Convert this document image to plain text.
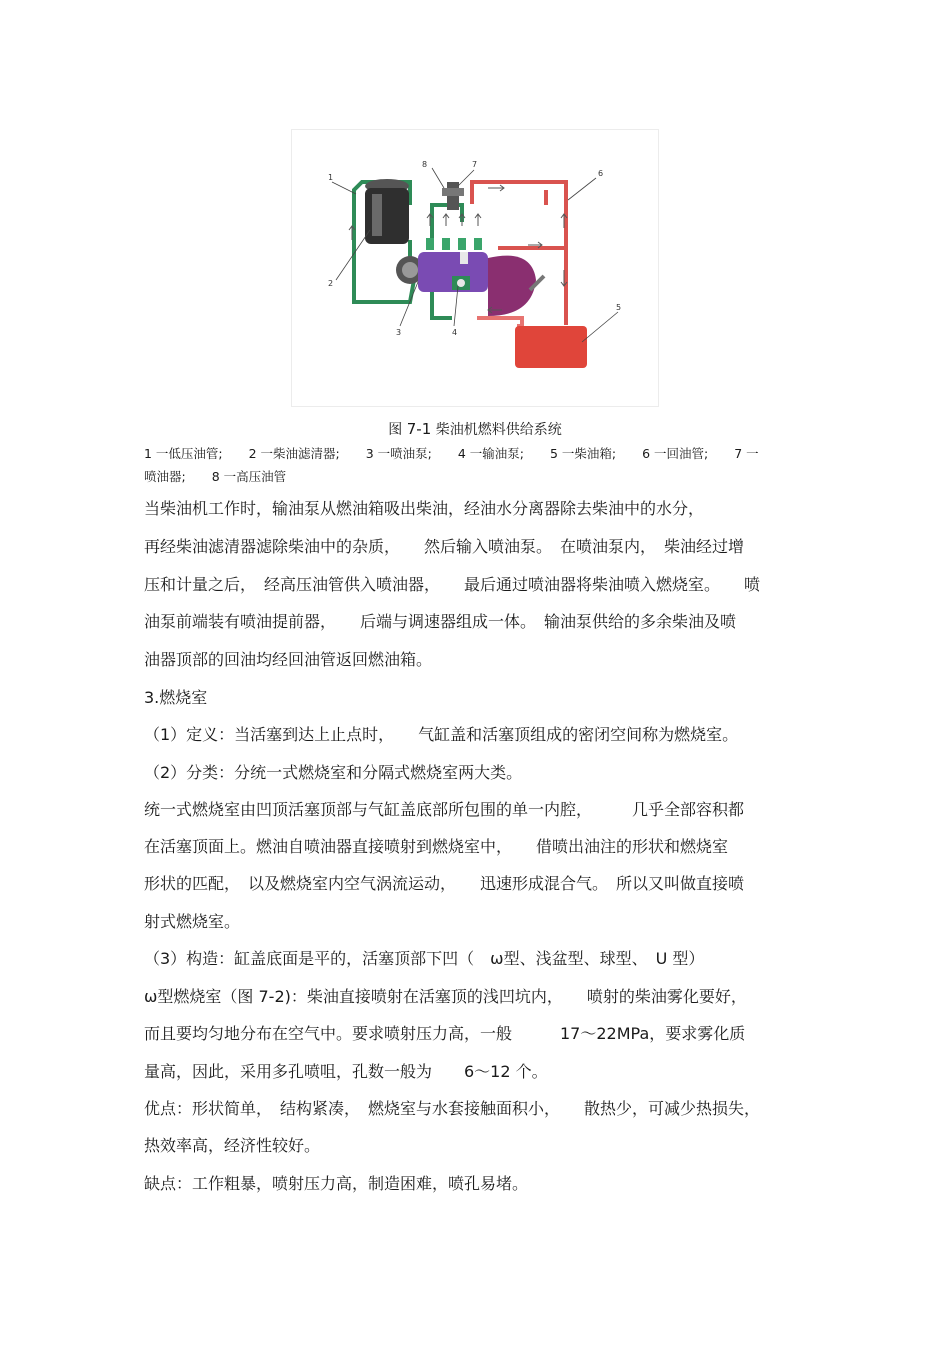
1
2
3	4
5
6
7
8
图 7-1 柴油机燃料供给系统
1 一低压油管; 2 一柴油滤清器; 3 一喷油泵; 4 一输油泵; 5 一柴油箱; 6 一回油管; 7 一
喷油器; 8 一高压油管
当柴油机工作时，输油泵从燃油箱吸出柴油，经油水分离器除去柴油中的水分，
再经柴油滤清器滤除柴油中的杂质，　　然后输入喷油泵。　在喷油泵内，　柴油经过增
压和计量之后，　经高压油管供入喷油器，　　最后通过喷油器将柴油喷入燃烧室。　　喷
油泵前端装有喷油提前器，　　后端与调速器组成一体。　输油泵供给的多余柴油及喷
油器顶部的回油均经回油管返回燃油箱。
3.燃烧室
（1）定义：当活塞到达上止点时，　　气缸盖和活塞顶组成的密闭空间称为燃烧室。
（2）分类：分统一式燃烧室和分隔式燃烧室两大类。
统一式燃烧室由凹顶活塞顶部与气缸盖底部所包围的单一内腔，　　　几乎全部容积都
在活塞顶面上。燃油自喷油器直接喷射到燃烧室中，　　借喷出油注的形状和燃烧室
形状的匹配，　以及燃烧室内空气涡流运动，　　迅速形成混合气。　所以又叫做直接喷
射式燃烧室。
（3）构造：缸盖底面是平的，活塞顶部下凹（　ω型、浅盆型、球型、　U 型）
ω型燃烧室（图 7-2)：柴油直接喷射在活塞顶的浅凹坑内，　　喷射的柴油雾化要好，
而且要均匀地分布在空气中。要求喷射压力高，一般　　　17～22MPa，要求雾化质
量高，因此，采用多孔喷咀，孔数一般为　　6～12 个。
优点：形状简单，　结构紧凑，　燃烧室与水套接触面积小，　　散热少，可减少热损失，
热效率高，经济性较好。
缺点：工作粗暴，喷射压力高，制造困难，喷孔易堵。
